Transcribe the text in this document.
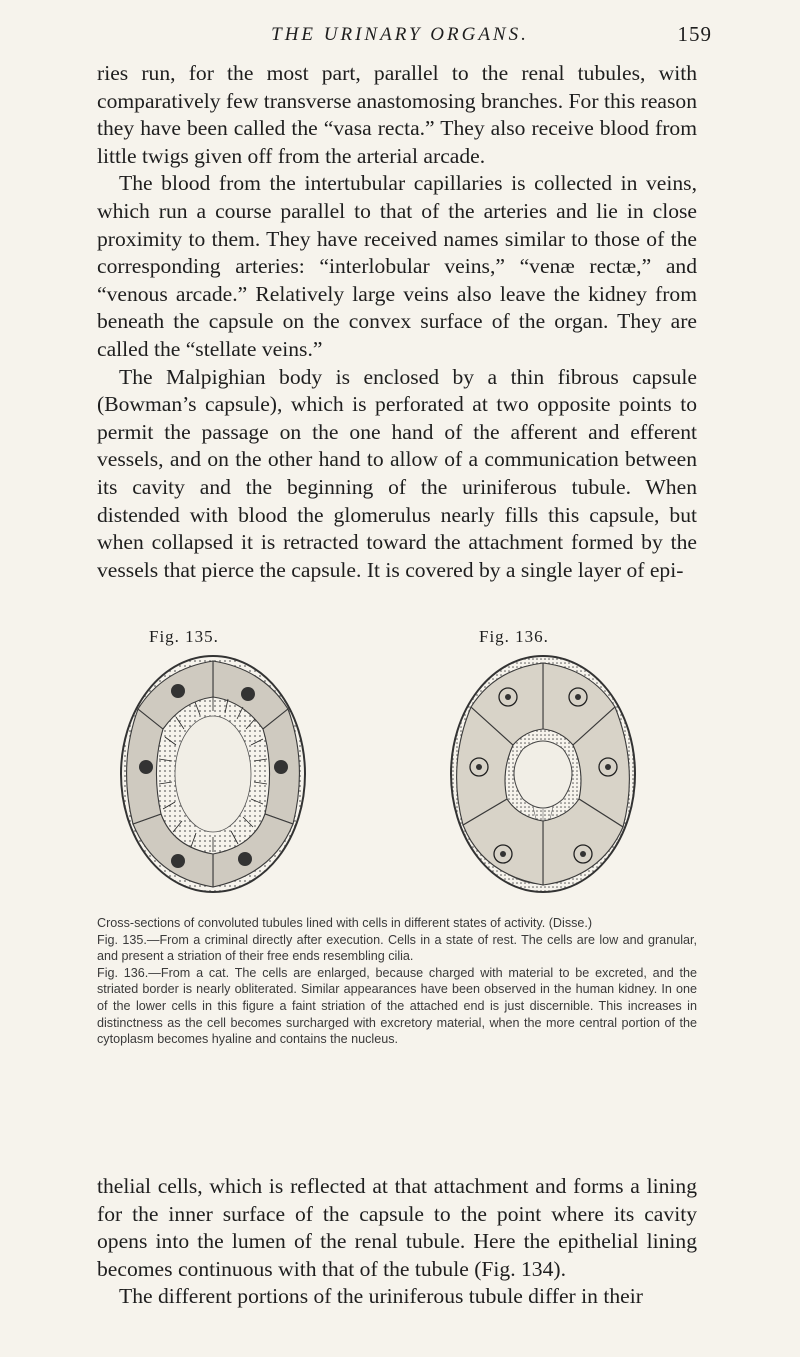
THE URINARY ORGANS.	159

ries run, for the most part, parallel to the renal tubules, with comparatively few transverse anastomosing branches. For this reason they have been called the “vasa recta.” They also receive blood from little twigs given off from the arterial arcade.

The blood from the intertubular capillaries is collected in veins, which run a course parallel to that of the arteries and lie in close proximity to them. They have received names similar to those of the corresponding arteries: “interlobular veins,” “venæ rectæ,” and “venous arcade.” Relatively large veins also leave the kidney from beneath the capsule on the convex surface of the organ. They are called the “stellate veins.”

The Malpighian body is enclosed by a thin fibrous capsule (Bowman’s capsule), which is perforated at two opposite points to permit the passage on the one hand of the afferent and efferent vessels, and on the other hand to allow of a communication between its cavity and the beginning of the uriniferous tubule. When distended with blood the glomerulus nearly fills this capsule, but when collapsed it is retracted toward the attachment formed by the vessels that pierce the capsule. It is covered by a single layer of epi-

Fig. 135.	Fig. 136.

Cross-sections of convoluted tubules lined with cells in different states of activity. (Disse.)

Fig. 135.—From a criminal directly after execution. Cells in a state of rest. The cells are low and granular, and present a striation of their free ends resembling cilia.

Fig. 136.—From a cat. The cells are enlarged, because charged with material to be excreted, and the striated border is nearly obliterated. Similar appearances have been observed in the human kidney. In one of the lower cells in this figure a faint striation of the attached end is just discernible. This increases in distinctness as the cell becomes surcharged with excretory material, when the more central portion of the cytoplasm becomes hyaline and contains the nucleus.

thelial cells, which is reflected at that attachment and forms a lining for the inner surface of the capsule to the point where its cavity opens into the lumen of the renal tubule. Here the epithelial lining becomes continuous with that of the tubule (Fig. 134).

The different portions of the uriniferous tubule differ in their
